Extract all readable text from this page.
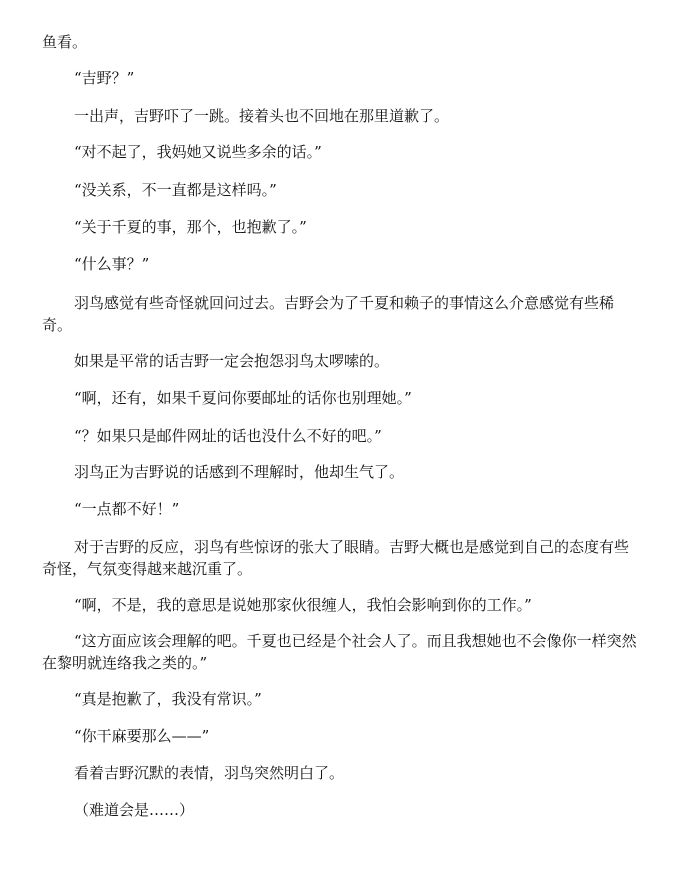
鱼看。

“吉野？”

一出声，吉野吓了一跳。接着头也不回地在那里道歉了。

“对不起了，我妈她又说些多余的话。”

“没关系，不一直都是这样吗。”

“关于千夏的事，那个，也抱歉了。”

“什么事？”

羽鸟感觉有些奇怪就回问过去。吉野会为了千夏和赖子的事情这么介意感觉有些稀奇。

如果是平常的话吉野一定会抱怨羽鸟太啰嗦的。

“啊，还有，如果千夏问你要邮址的话你也别理她。”

“？如果只是邮件网址的话也没什么不好的吧。”

羽鸟正为吉野说的话感到不理解时，他却生气了。

“一点都不好！”

对于吉野的反应，羽鸟有些惊讶的张大了眼睛。吉野大概也是感觉到自己的态度有些奇怪，气氛变得越来越沉重了。

“啊，不是，我的意思是说她那家伙很缠人，我怕会影响到你的工作。”

“这方面应该会理解的吧。千夏也已经是个社会人了。而且我想她也不会像你一样突然在黎明就连络我之类的。”

“真是抱歉了，我没有常识。”

“你干麻要那么——”

看着吉野沉默的表情，羽鸟突然明白了。

（难道会是……）
